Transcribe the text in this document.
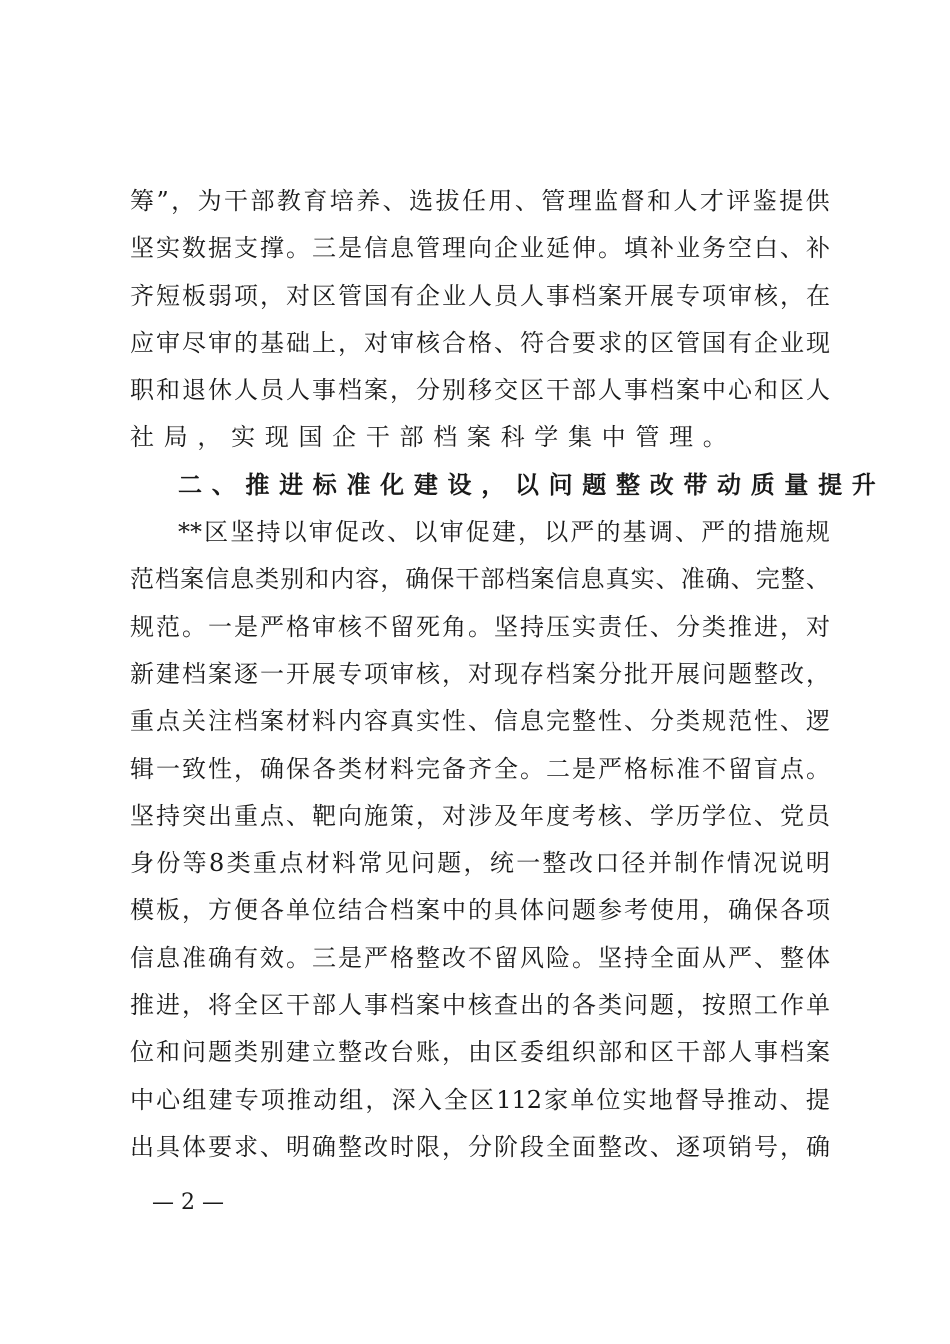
筹 ” ， 为 干 部 教 育 培 养 、 选 拔 任 用 、 管 理 监 督 和 人 才 评 鉴 提 供
坚 实 数 据 支 撑 。 三 是 信 息 管 理 向 企 业 延 伸 。 填 补 业 务 空 白 、 补
齐 短 板 弱 项 ， 对 区 管 国 有 企 业 人 员 人 事 档 案 开 展 专 项 审 核 ， 在
应 审 尽 审 的 基 础 上 ， 对 审 核 合 格 、 符 合 要 求 的 区 管 国 有 企 业 现
职 和 退 休 人 员 人 事 档 案 ， 分 别 移 交 区 干 部 人 事 档 案 中 心 和 区 人
社 局 ， 实 现 国 企 干 部 档 案 科 学 集 中 管 理 。
二 、 推 进 标 准 化 建 设 ， 以 问 题 整 改 带 动 质 量 提 升
** 区 坚 持 以 审 促 改 、 以 审 促 建 ， 以 严 的 基 调 、 严 的 措 施 规
范 档 案 信 息 类 别 和 内 容 ， 确 保 干 部 档 案 信 息 真 实 、 准 确 、 完 整 、
规 范 。 一 是 严 格 审 核 不 留 死 角 。 坚 持 压 实 责 任 、 分 类 推 进 ， 对
新 建 档 案 逐 一 开 展 专 项 审 核 ， 对 现 存 档 案 分 批 开 展 问 题 整 改 ，
重 点 关 注 档 案 材 料 内 容 真 实 性 、 信 息 完 整 性 、 分 类 规 范 性 、 逻
辑 一 致 性 ， 确 保 各 类 材 料 完 备 齐 全 。 二 是 严 格 标 准 不 留 盲 点 。
坚 持 突 出 重 点 、 靶 向 施 策 ， 对 涉 及 年 度 考 核 、 学 历 学 位 、 党 员
身 份 等 8 类 重 点 材 料 常 见 问 题 ， 统 一 整 改 口 径 并 制 作 情 况 说 明
模 板 ， 方 便 各 单 位 结 合 档 案 中 的 具 体 问 题 参 考 使 用 ， 确 保 各 项
信 息 准 确 有 效 。 三 是 严 格 整 改 不 留 风 险 。 坚 持 全 面 从 严 、 整 体
推 进 ， 将 全 区 干 部 人 事 档 案 中 核 查 出 的 各 类 问 题 ， 按 照 工 作 单
位 和 问 题 类 别 建 立 整 改 台 账 ， 由 区 委 组 织 部 和 区 干 部 人 事 档 案
中 心 组 建 专 项 推 动 组 ， 深 入 全 区 112 家 单 位 实 地 督 导 推 动 、 提
出 具 体 要 求 、 明 确 整 改 时 限 ， 分 阶 段 全 面 整 改 、 逐 项 销 号 ， 确
— 2 —
